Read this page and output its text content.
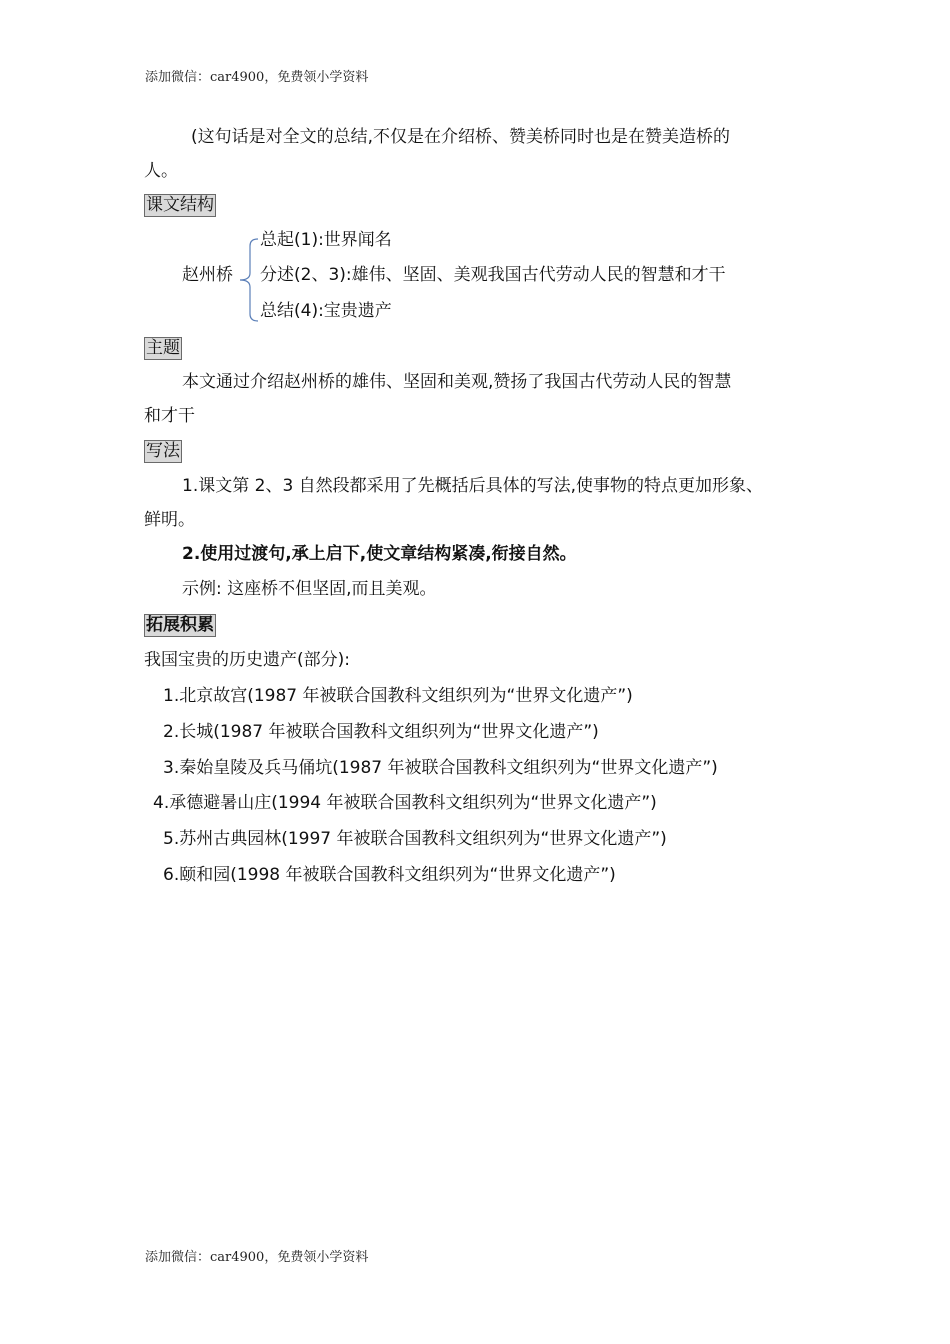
添加微信：car4900，免费领小学资料
(这句话是对全文的总结,不仅是在介绍桥、赞美桥同时也是在赞美造桥的
人。
课文结构
赵州桥
总起(1):世界闻名
分述(2、3):雄伟、坚固、美观我国古代劳动人民的智慧和才干
总结(4):宝贵遗产
主题
本文通过介绍赵州桥的雄伟、坚固和美观,赞扬了我国古代劳动人民的智慧
和才干
写法
1.课文第 2、3 自然段都采用了先概括后具体的写法,使事物的特点更加形象、
鲜明。
2.使用过渡句,承上启下,使文章结构紧凑,衔接自然。
示例: 这座桥不但坚固,而且美观。
拓展积累
我国宝贵的历史遗产(部分):
1.北京故宫(1987 年被联合国教科文组织列为“世界文化遗产”)
2.长城(1987 年被联合国教科文组织列为“世界文化遗产”)
3.秦始皇陵及兵马俑坑(1987 年被联合国教科文组织列为“世界文化遗产”)
4.承德避暑山庄(1994 年被联合国教科文组织列为“世界文化遗产”)
5.苏州古典园林(1997 年被联合国教科文组织列为“世界文化遗产”)
6.颐和园(1998 年被联合国教科文组织列为“世界文化遗产”)
添加微信：car4900，免费领小学资料
